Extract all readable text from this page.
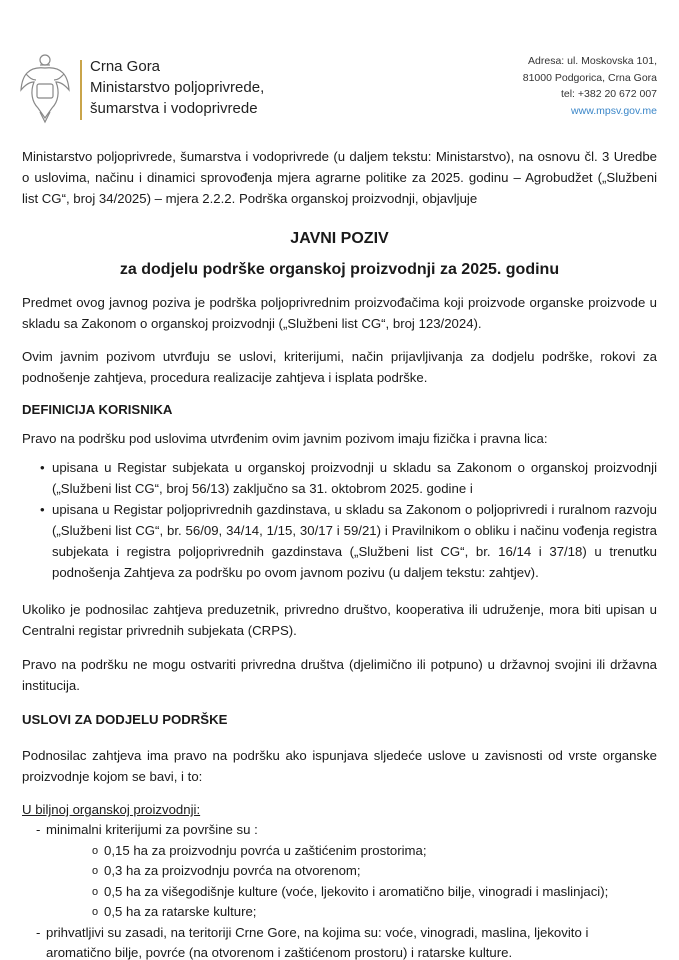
Crna Gora
Ministarstvo poljoprivrede,
šumarstva i vodoprivrede
Adresa: ul. Moskovska 101,
81000 Podgorica, Crna Gora
tel: +382 20 672 007
www.mpsv.gov.me

Ministarstvo poljoprivrede, šumarstva i vodoprivrede (u daljem tekstu: Ministarstvo), na osnovu čl. 3 Uredbe o uslovima, načinu i dinamici sprovođenja mjera agrarne politike za 2025. godinu – Agrobudžet („Službeni list CG“, broj 34/2025) – mjera 2.2.2. Podrška organskoj proizvodnji, objavljuje

JAVNI POZIV

za dodjelu podrške organskoj proizvodnji za 2025. godinu

Predmet ovog javnog poziva je podrška poljoprivrednim proizvođačima koji proizvode organske proizvode u skladu sa Zakonom o organskoj proizvodnji („Službeni list CG“, broj 123/2024).

Ovim javnim pozivom utvrđuju se uslovi, kriterijumi, način prijavljivanja za dodjelu podrške, rokovi za podnošenje zahtjeva, procedura realizacije zahtjeva i isplata podrške.

DEFINICIJA KORISNIKA

Pravo na podršku pod uslovima utvrđenim ovim javnim pozivom imaju fizička i pravna lica:

• upisana u Registar subjekata u organskoj proizvodnji u skladu sa Zakonom o organskoj proizvodnji („Službeni list CG“, broj 56/13) zaključno sa 31. oktobrom 2025. godine i
• upisana u Registar poljoprivrednih gazdinstava, u skladu sa Zakonom o poljoprivredi i ruralnom razvoju („Službeni list CG“, br. 56/09, 34/14, 1/15, 30/17 i 59/21) i Pravilnikom o obliku i načinu vođenja registra subjekata i registra poljoprivrednih gazdinstava („Službeni list CG“, br. 16/14 i 37/18) u trenutku podnošenja Zahtjeva za podršku po ovom javnom pozivu (u daljem tekstu: zahtjev).

Ukoliko je podnosilac zahtjeva preduzetnik, privredno društvo, kooperativa ili udruženje, mora biti upisan u Centralni registar privrednih subjekata (CRPS).

Pravo na podršku ne mogu ostvariti privredna društva (djelimično ili potpuno) u državnoj svojini ili državna institucija.

USLOVI ZA DODJELU PODRŠKE

Podnosilac zahtjeva ima pravo na podršku ako ispunjava sljedeće uslove u zavisnosti od vrste organske proizvodnje kojom se bavi, i to:

U biljnoj organskoj proizvodnji:

- minimalni kriterijumi za površine su :
o 0,15 ha za proizvodnju povrća u zaštićenim prostorima;
o 0,3 ha za proizvodnju povrća na otvorenom;
o 0,5 ha za višegodišnje kulture (voće, ljekovito i aromatično bilje, vinogradi i maslinjaci);
o 0,5 ha za ratarske kulture;
- prihvatljivi su zasadi, na teritoriji Crne Gore, na kojima su: voće, vinogradi, maslina, ljekovito i aromatično bilje, povrće (na otvorenom i zaštićenom prostoru) i ratarske kulture.
